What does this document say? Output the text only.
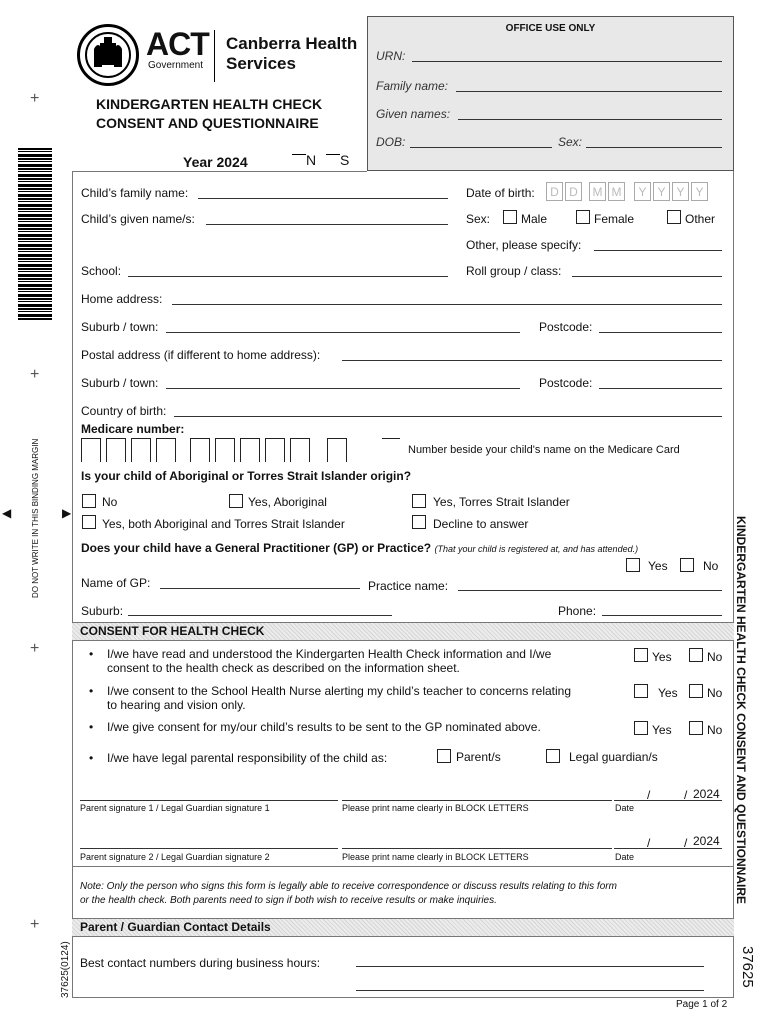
+
+
+
+
DO NOT WRITE IN THIS BINDING MARGIN
◀	▶
37625(0124)
KINDERGARTEN HEALTH CHECK CONSENT AND QUESTIONNAIRE
37625
ACT
Government
Canberra Health
Services
KINDERGARTEN HEALTH CHECK
CONSENT AND QUESTIONNAIRE
Year 2024	N	S
OFFICE USE ONLY
URN:
Family name:
Given names:
DOB:	Sex:
Child’s family name:	Date of birth:	D D	M M	Y Y Y Y
Child’s given name/s:	Sex:	Male	Female	Other
Other, please specify:
School:	Roll group / class:
Home address:
Suburb / town:	Postcode:
Postal address (if different to home address):
Suburb / town:	Postcode:
Country of birth:
Medicare number:
Number beside your child's name on the Medicare Card
Is your child of Aboriginal or Torres Strait Islander origin?
No	Yes, Aboriginal	Yes, Torres Strait Islander
Yes, both Aboriginal and Torres Strait Islander	Decline to answer
Does your child have a General Practitioner (GP) or Practice? (That your child is registered at, and has attended.)
Yes	No
Name of GP:	Practice name:
Suburb:	Phone:
CONSENT FOR HEALTH CHECK
• I/we have read and understood the Kindergarten Health Check information and I/we
consent to the health check as described on the information sheet.
Yes	No
• I/we consent to the School Health Nurse alerting my child’s teacher to concerns relating
to hearing and vision only.
Yes No
• I/we give consent for my/our child’s results to be sent to the GP nominated above.	Yes	No
• I/we have legal parental responsibility of the child as:	Parent/s	Legal guardian/s
/	/ 2024
Parent signature 1 / Legal Guardian signature 1	Please print name clearly in BLOCK LETTERS	Date
/	/ 2024
Parent signature 2 / Legal Guardian signature 2	Please print name clearly in BLOCK LETTERS	Date
Note: Only the person who signs this form is legally able to receive correspondence or discuss results relating to this form
or the health check. Both parents need to sign if both wish to receive results or make inquiries.
Parent / Guardian Contact Details
Best contact numbers during business hours:
Page 1 of 2
